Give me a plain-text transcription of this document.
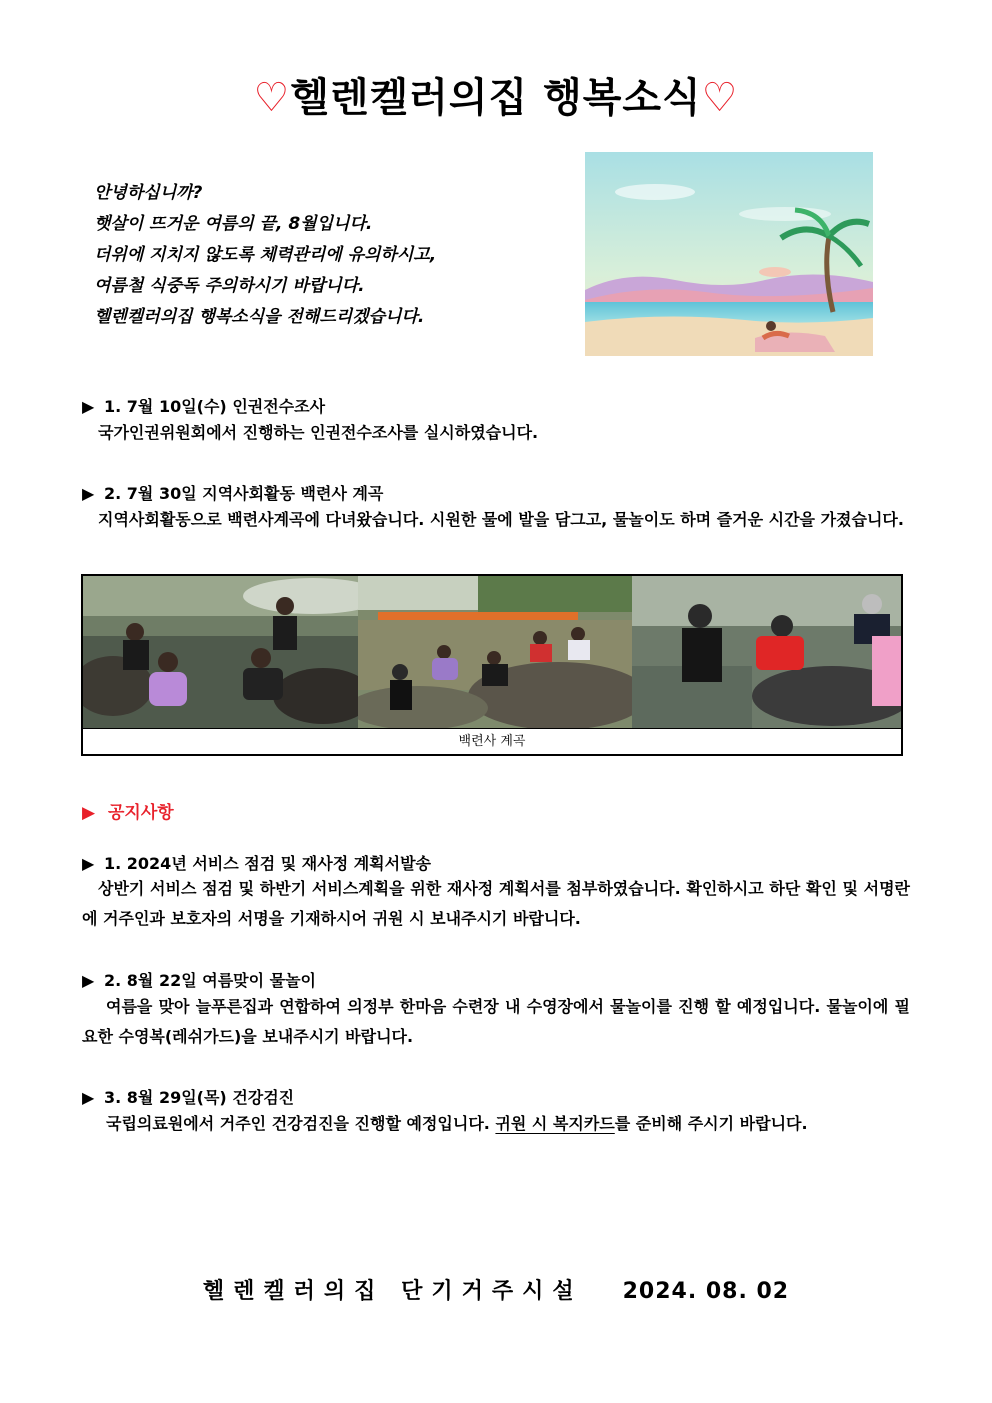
♡헬렌켈러의집 행복소식♡
안녕하십니까?
햇살이 뜨거운 여름의 끝, 8월입니다.
더위에 지치지 않도록 체력관리에 유의하시고,
여름철 식중독 주의하시기 바랍니다.
헬렌켈러의집 행복소식을 전해드리겠습니다.
▶ 1. 7월 10일(수) 인권전수조사
국가인권위원회에서 진행하는 인권전수조사를 실시하였습니다.
▶ 2. 7월 30일 지역사회활동 백련사 계곡
지역사회활동으로 백련사계곡에 다녀왔습니다. 시원한 물에 발을 담그고, 물놀이도 하며 즐거운 시간을 가졌습니다.
백련사 계곡
▶ 공지사항
▶ 1. 2024년 서비스 점검 및 재사정 계획서발송
상반기 서비스 점검 및 하반기 서비스계획을 위한 재사정 계획서를 첨부하였습니다. 확인하시고 하단 확인 및 서명란에 거주인과 보호자의 서명을 기재하시어 귀원 시 보내주시기 바랍니다.
▶ 2. 8월 22일 여름맞이 물놀이
여름을 맞아 늘푸른집과 연합하여 의정부 한마음 수련장 내 수영장에서 물놀이를 진행 할 예정입니다. 물놀이에 필요한 수영복(레쉬가드)을 보내주시기 바랍니다.
▶ 3. 8월 29일(목) 건강검진
국립의료원에서 거주인 건강검진을 진행할 예정입니다. 귀원 시 복지카드를 준비해 주시기 바랍니다.
헬렌켈러의집 단기거주시설 2024. 08. 02
